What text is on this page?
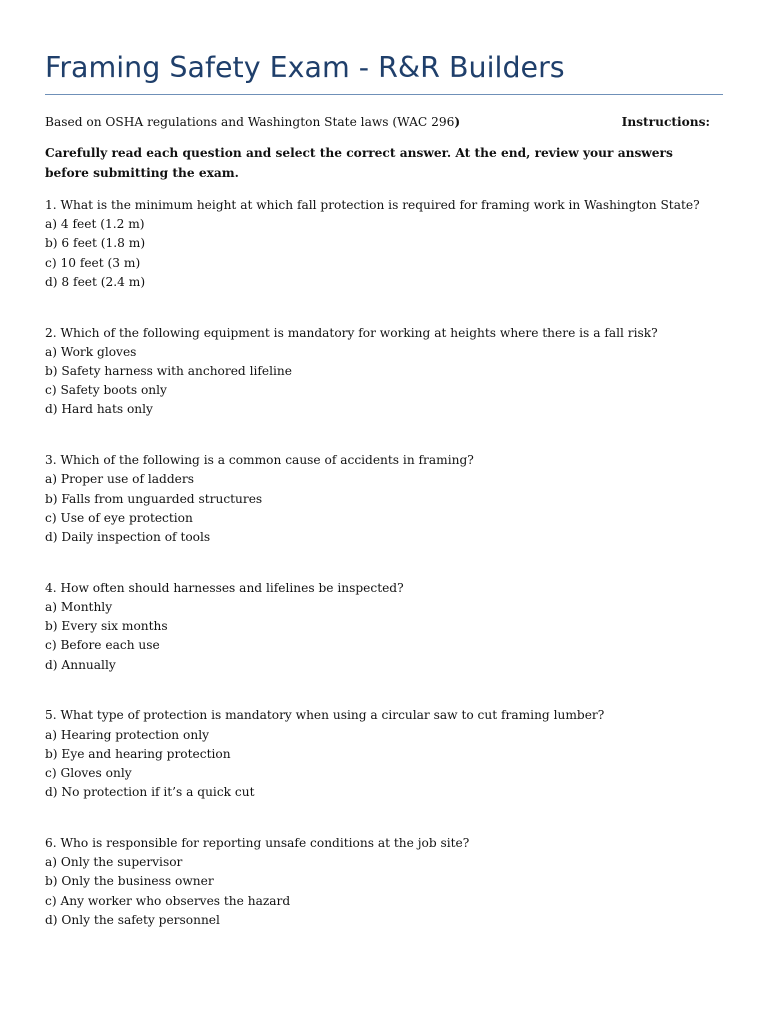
Framing Safety Exam - R&R Builders
Based on OSHA regulations and Washington State laws (WAC 296)	Instructions:

Carefully read each question and select the correct answer. At the end, review your answers before submitting the exam.

1. What is the minimum height at which fall protection is required for framing work in Washington State?
a) 4 feet (1.2 m)
b) 6 feet (1.8 m)
c) 10 feet (3 m)
d) 8 feet (2.4 m)
2. Which of the following equipment is mandatory for working at heights where there is a fall risk?
a) Work gloves
b) Safety harness with anchored lifeline
c) Safety boots only
d) Hard hats only
3. Which of the following is a common cause of accidents in framing?
a) Proper use of ladders
b) Falls from unguarded structures
c) Use of eye protection
d) Daily inspection of tools
4. How often should harnesses and lifelines be inspected?
a) Monthly
b) Every six months
c) Before each use
d) Annually
5. What type of protection is mandatory when using a circular saw to cut framing lumber?
a) Hearing protection only
b) Eye and hearing protection
c) Gloves only
d) No protection if it’s a quick cut
6. Who is responsible for reporting unsafe conditions at the job site?
a) Only the supervisor
b) Only the business owner
c) Any worker who observes the hazard
d) Only the safety personnel
